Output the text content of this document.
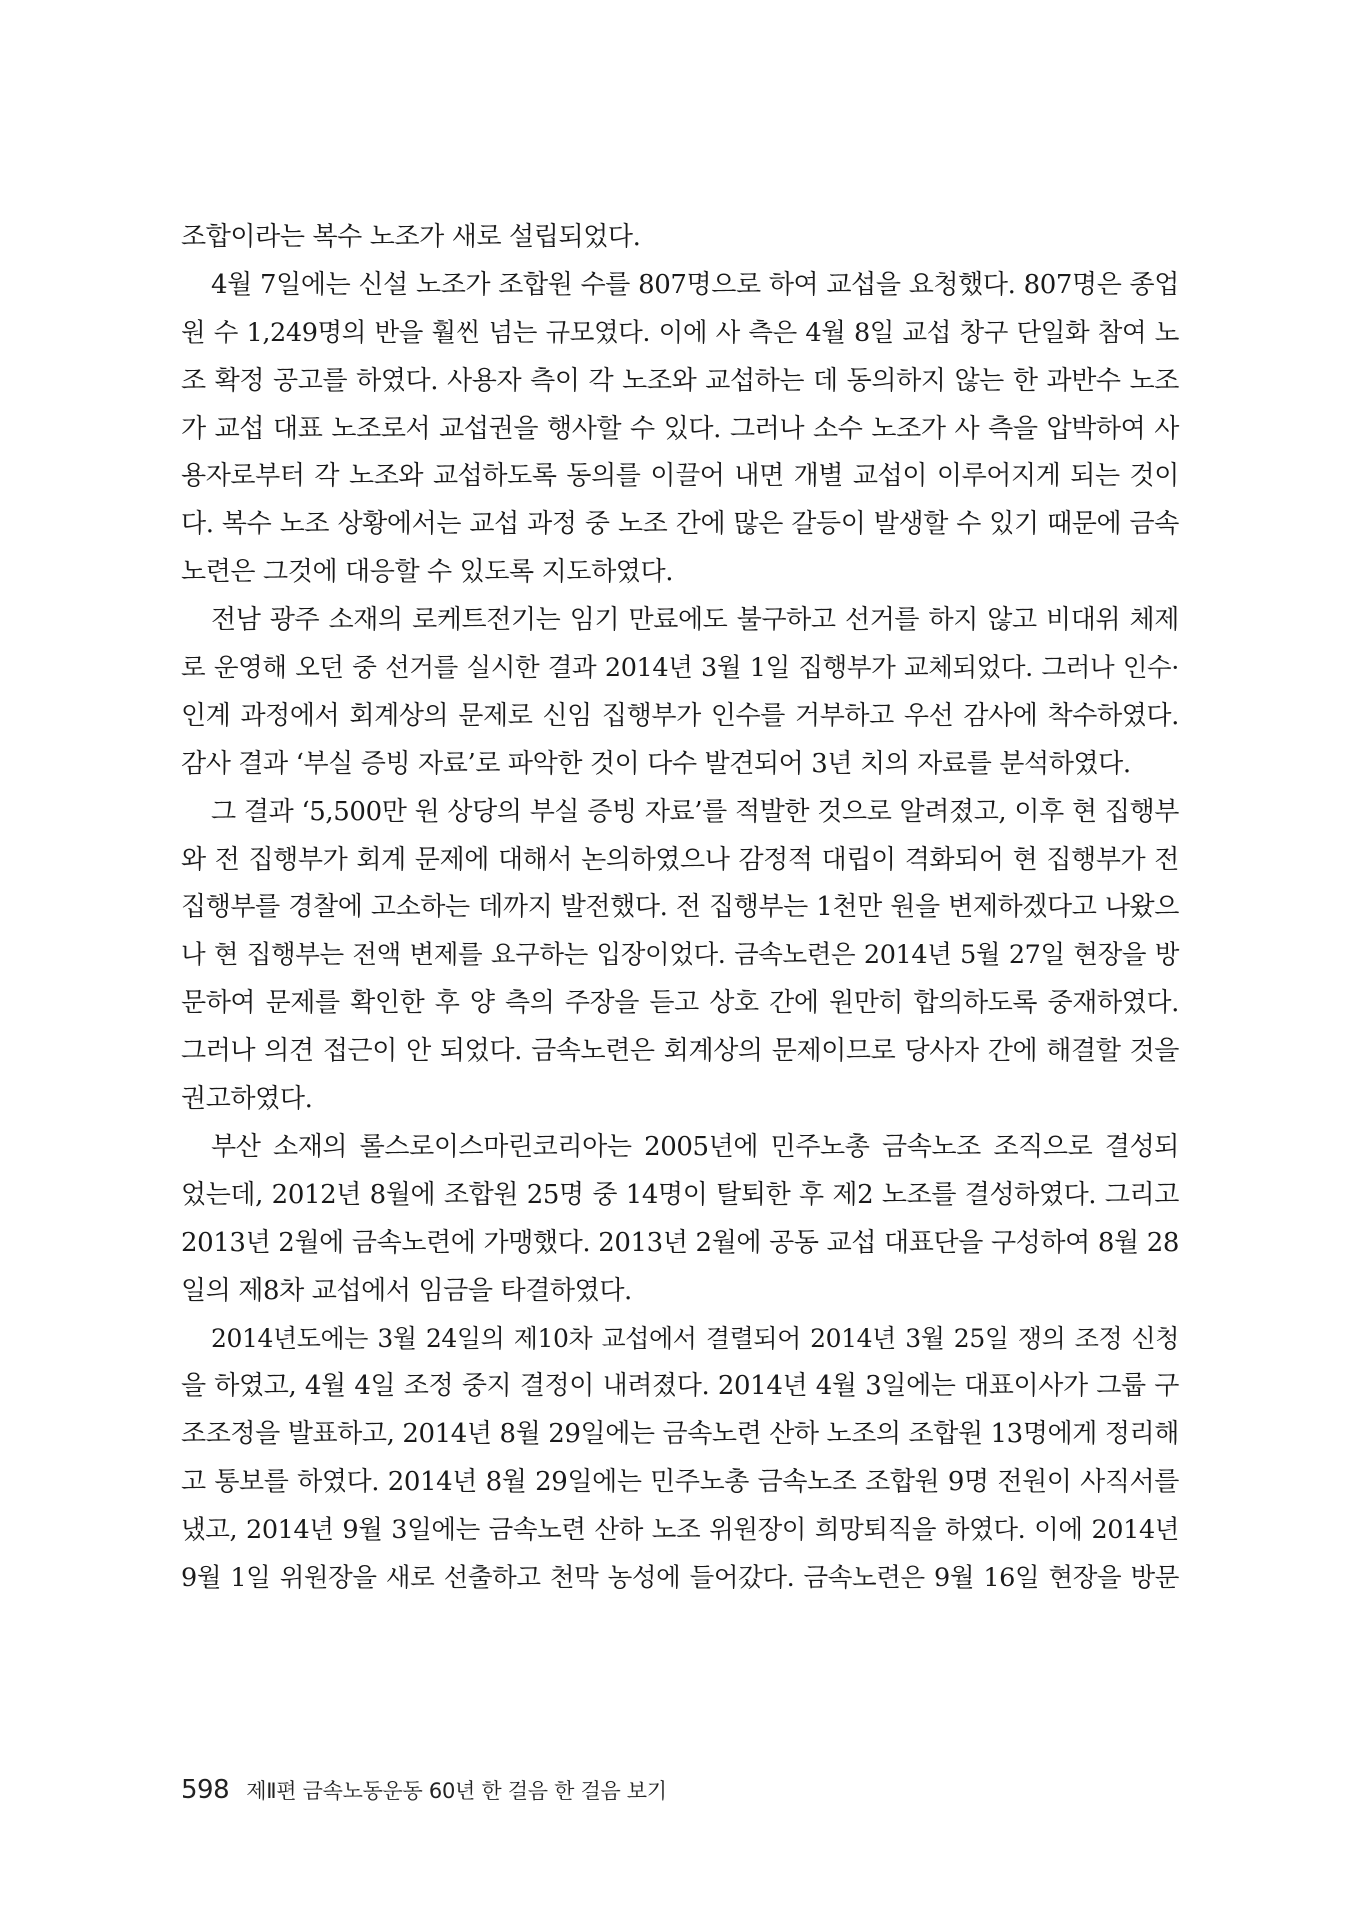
조합이라는 복수 노조가 새로 설립되었다.
4월 7일에는 신설 노조가 조합원 수를 807명으로 하여 교섭을 요청했다. 807명은 종업
원 수 1,249명의 반을 훨씬 넘는 규모였다. 이에 사 측은 4월 8일 교섭 창구 단일화 참여 노
조 확정 공고를 하였다. 사용자 측이 각 노조와 교섭하는 데 동의하지 않는 한 과반수 노조
가 교섭 대표 노조로서 교섭권을 행사할 수 있다. 그러나 소수 노조가 사 측을 압박하여 사
용자로부터 각 노조와 교섭하도록 동의를 이끌어 내면 개별 교섭이 이루어지게 되는 것이
다. 복수 노조 상황에서는 교섭 과정 중 노조 간에 많은 갈등이 발생할 수 있기 때문에 금속
노련은 그것에 대응할 수 있도록 지도하였다.
전남 광주 소재의 로케트전기는 임기 만료에도 불구하고 선거를 하지 않고 비대위 체제
로 운영해 오던 중 선거를 실시한 결과 2014년 3월 1일 집행부가 교체되었다. 그러나 인수·
인계 과정에서 회계상의 문제로 신임 집행부가 인수를 거부하고 우선 감사에 착수하였다.
감사 결과 ‘부실 증빙 자료’로 파악한 것이 다수 발견되어 3년 치의 자료를 분석하였다.
그 결과 ‘5,500만 원 상당의 부실 증빙 자료’를 적발한 것으로 알려졌고, 이후 현 집행부
와 전 집행부가 회계 문제에 대해서 논의하였으나 감정적 대립이 격화되어 현 집행부가 전
집행부를 경찰에 고소하는 데까지 발전했다. 전 집행부는 1천만 원을 변제하겠다고 나왔으
나 현 집행부는 전액 변제를 요구하는 입장이었다. 금속노련은 2014년 5월 27일 현장을 방
문하여 문제를 확인한 후 양 측의 주장을 듣고 상호 간에 원만히 합의하도록 중재하였다.
그러나 의견 접근이 안 되었다. 금속노련은 회계상의 문제이므로 당사자 간에 해결할 것을
권고하였다.
부산 소재의 롤스로이스마린코리아는 2005년에 민주노총 금속노조 조직으로 결성되
었는데, 2012년 8월에 조합원 25명 중 14명이 탈퇴한 후 제2 노조를 결성하였다. 그리고
2013년 2월에 금속노련에 가맹했다. 2013년 2월에 공동 교섭 대표단을 구성하여 8월 28
일의 제8차 교섭에서 임금을 타결하였다.
2014년도에는 3월 24일의 제10차 교섭에서 결렬되어 2014년 3월 25일 쟁의 조정 신청
을 하였고, 4월 4일 조정 중지 결정이 내려졌다. 2014년 4월 3일에는 대표이사가 그룹 구
조조정을 발표하고, 2014년 8월 29일에는 금속노련 산하 노조의 조합원 13명에게 정리해
고 통보를 하였다. 2014년 8월 29일에는 민주노총 금속노조 조합원 9명 전원이 사직서를
냈고, 2014년 9월 3일에는 금속노련 산하 노조 위원장이 희망퇴직을 하였다. 이에 2014년
9월 1일 위원장을 새로 선출하고 천막 농성에 들어갔다. 금속노련은 9월 16일 현장을 방문
598 제Ⅱ편 금속노동운동 60년 한 걸음 한 걸음 보기
